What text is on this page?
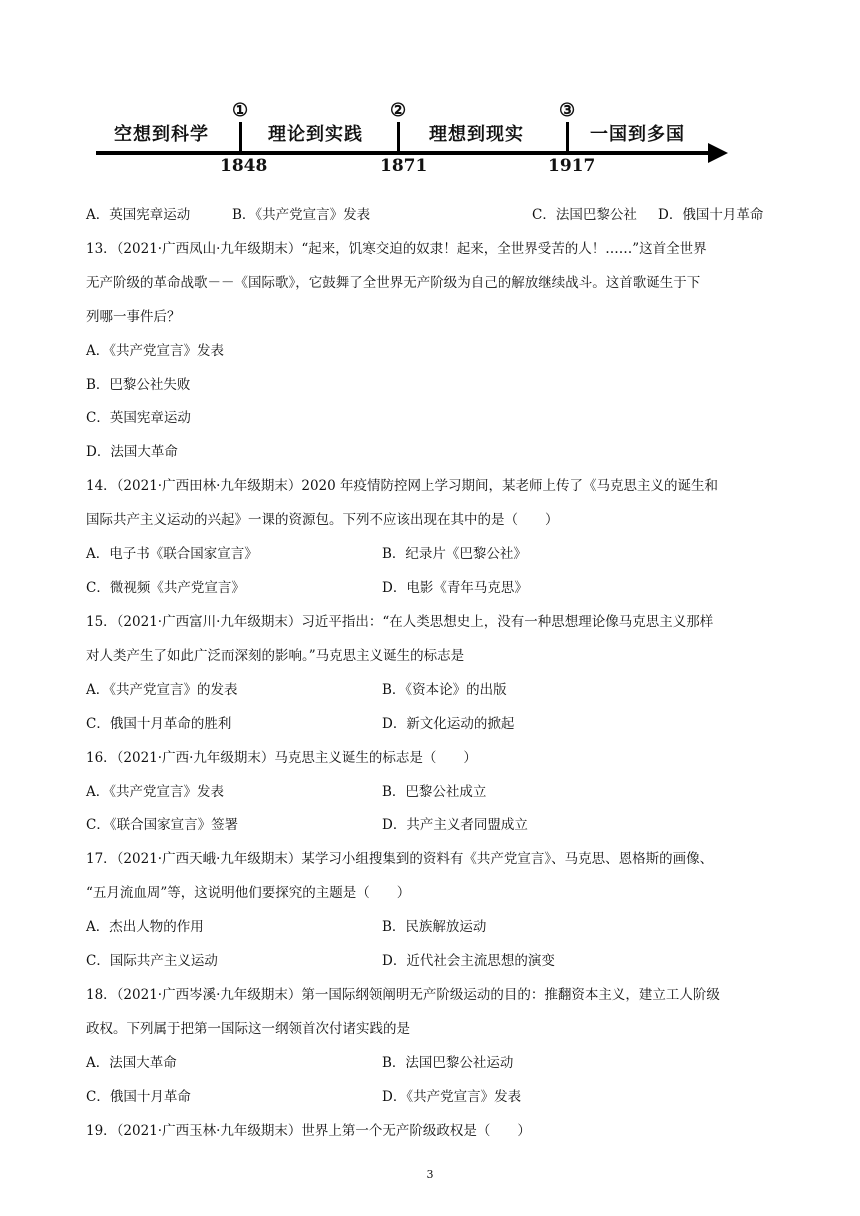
空想到科学	理论到实践	理想到现实	一国到多国
①	②	③
1848	1871	1917
A．英国宪章运动	B．《共产党宣言》发表	C．法国巴黎公社 D．俄国十月革命
13．（2021·广西凤山·九年级期末）“起来，饥寒交迫的奴隶！起来，全世界受苦的人！……”这首全世界
无产阶级的革命战歌－－《国际歌》，它鼓舞了全世界无产阶级为自己的解放继续战斗。这首歌诞生于下
列哪一事件后？
A．《共产党宣言》发表
B．巴黎公社失败
C．英国宪章运动
D．法国大革命
14．（2021·广西田林·九年级期末）2020 年疫情防控网上学习期间，某老师上传了《马克思主义的诞生和
国际共产主义运动的兴起》一课的资源包。下列不应该出现在其中的是（　　）
A．电子书《联合国家宣言》	B．纪录片《巴黎公社》
C．微视频《共产党宣言》	D．电影《青年马克思》
15．（2021·广西富川·九年级期末）习近平指出：“在人类思想史上，没有一种思想理论像马克思主义那样
对人类产生了如此广泛而深刻的影响。”马克思主义诞生的标志是
A．《共产党宣言》的发表	B．《资本论》的出版
C．俄国十月革命的胜利	D．新文化运动的掀起
16．（2021·广西·九年级期末）马克思主义诞生的标志是（　　）
A．《共产党宣言》发表	B．巴黎公社成立
C．《联合国家宣言》签署	D．共产主义者同盟成立
17．（2021·广西天峨·九年级期末）某学习小组搜集到的资料有《共产党宣言》、马克思、恩格斯的画像、
“五月流血周”等，这说明他们要探究的主题是（　　）
A．杰出人物的作用	B．民族解放运动
C．国际共产主义运动	D．近代社会主流思想的演变
18．（2021·广西岑溪·九年级期末）第一国际纲领阐明无产阶级运动的目的：推翻资本主义，建立工人阶级
政权。下列属于把第一国际这一纲领首次付诸实践的是
A．法国大革命	B．法国巴黎公社运动
C．俄国十月革命	D．《共产党宣言》发表
19．（2021·广西玉林·九年级期末）世界上第一个无产阶级政权是（　　）
3
